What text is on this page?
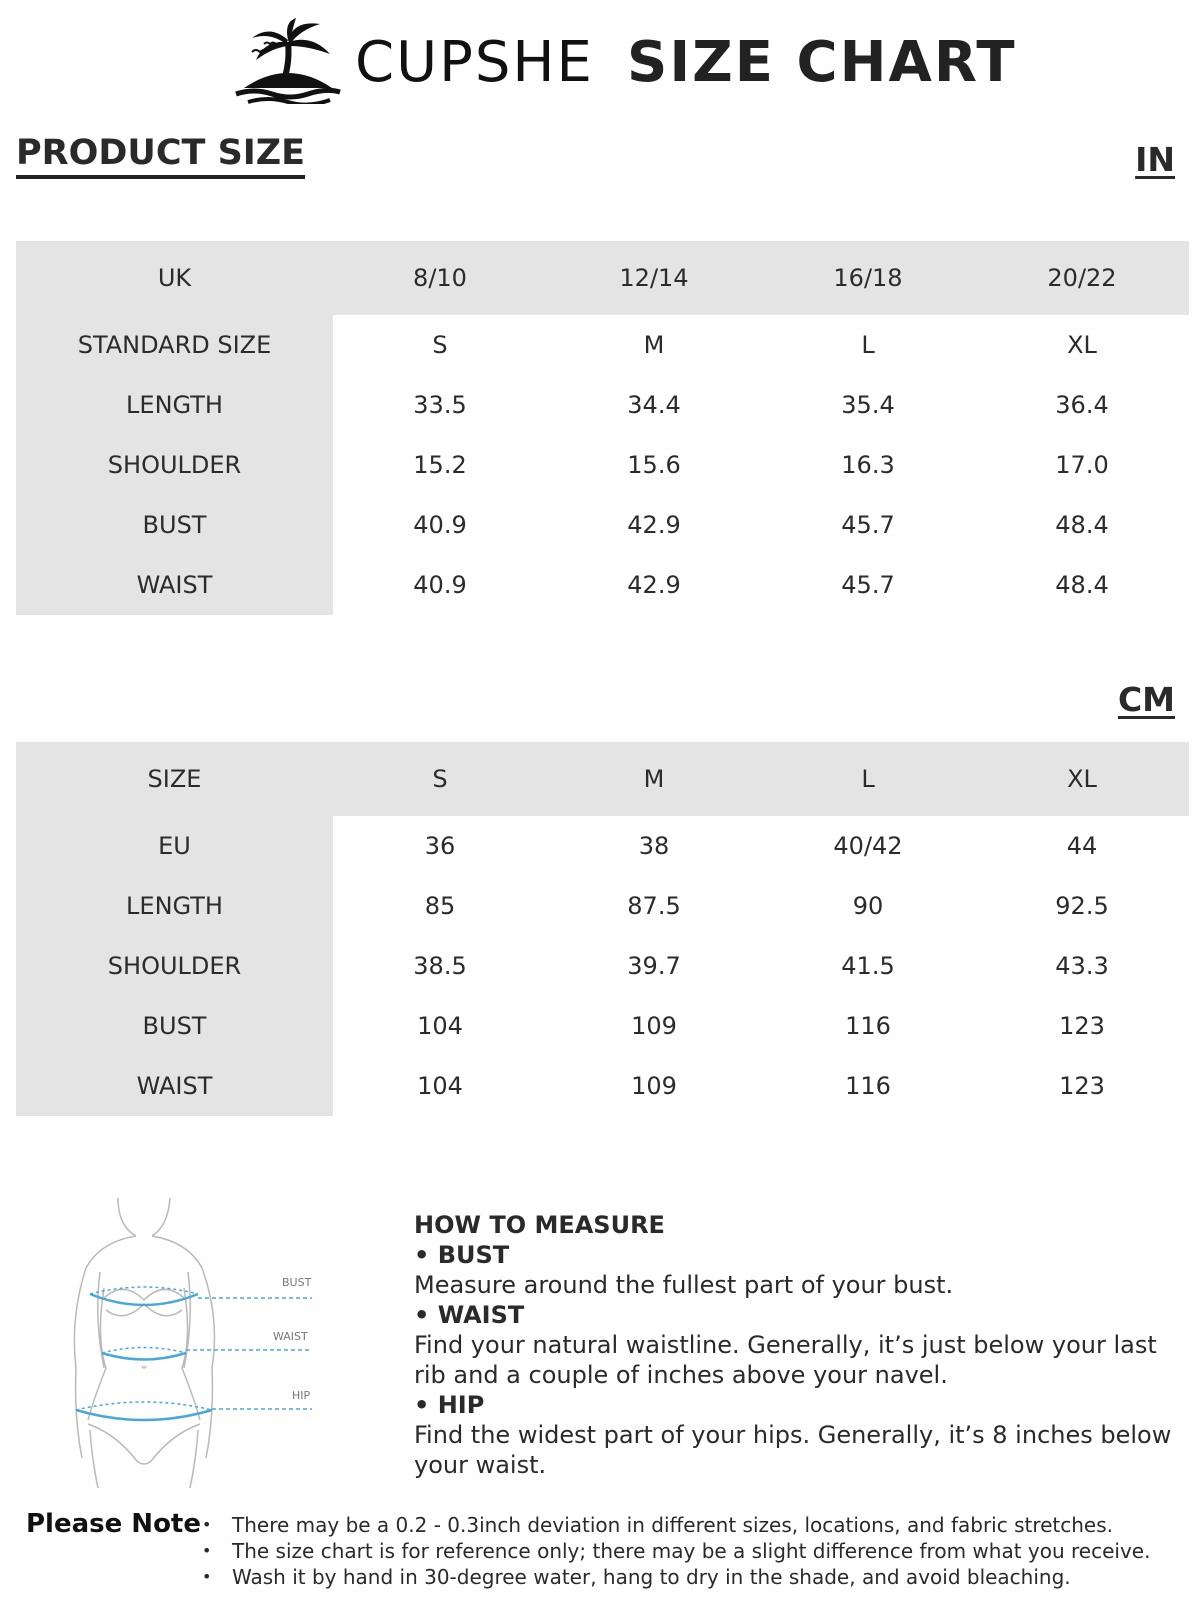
CUPSHE SIZE CHART
PRODUCT SIZE	IN
UK	8/10	12/14	16/18	20/22
STANDARD SIZE	S	M	L	XL
LENGTH	33.5	34.4	35.4	36.4
SHOULDER	15.2	15.6	16.3	17.0
BUST	40.9	42.9	45.7	48.4
WAIST	40.9	42.9	45.7	48.4
CM
SIZE	S	M	L	XL
EU	36	38	40/42	44
LENGTH	85	87.5	90	92.5
SHOULDER	38.5	39.7	41.5	43.3
BUST	104	109	116	123
WAIST	104	109	116	123
BUST
WAIST
HIP
HOW TO MEASURE
• BUST
Measure around the fullest part of your bust.
• WAIST
Find your natural waistline. Generally, it’s just below your last rib and a couple of inches above your navel.
• HIP
Find the widest part of your hips. Generally, it’s 8 inches below your waist.
Please Note	• There may be a 0.2 - 0.3inch deviation in different sizes, locations, and fabric stretches.
• The size chart is for reference only; there may be a slight difference from what you receive.
• Wash it by hand in 30-degree water, hang to dry in the shade, and avoid bleaching.
